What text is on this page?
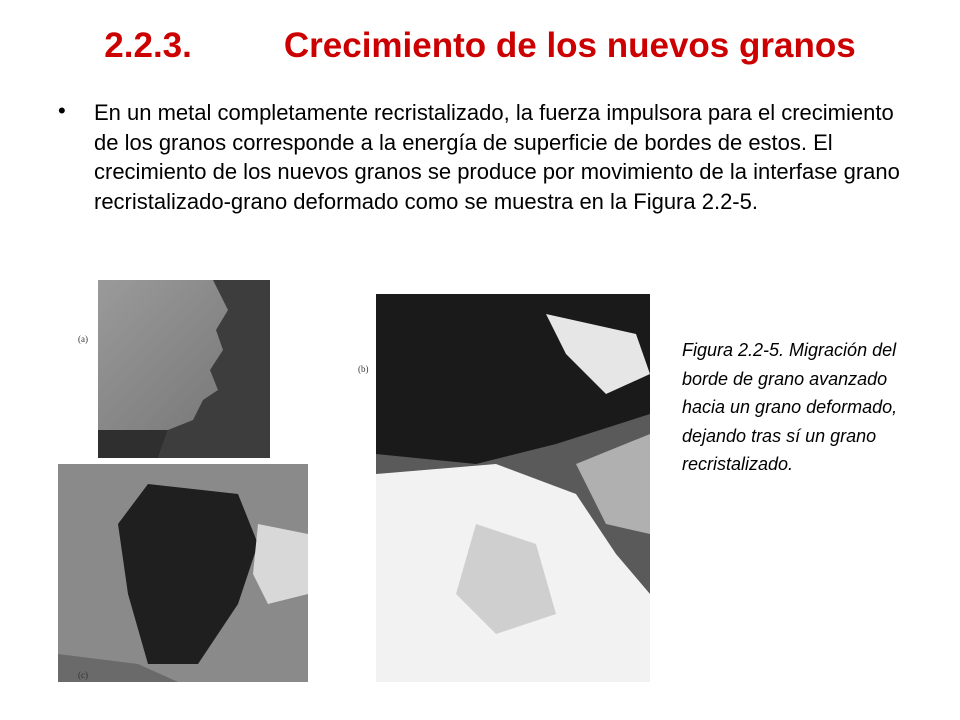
2.2.3.	Crecimiento de los nuevos granos
• En un metal completamente recristalizado, la fuerza impulsora para el crecimiento de los granos corresponde a la energía de superficie de bordes de estos. El crecimiento de los nuevos granos se produce por movimiento de la interfase grano recristalizado-grano deformado como se muestra en la Figura 2.2-5.
(a)
(c)
(b)
Figura 2.2-5. Migración del borde de grano avanzado hacia un grano deformado, dejando tras sí un grano recristalizado.
